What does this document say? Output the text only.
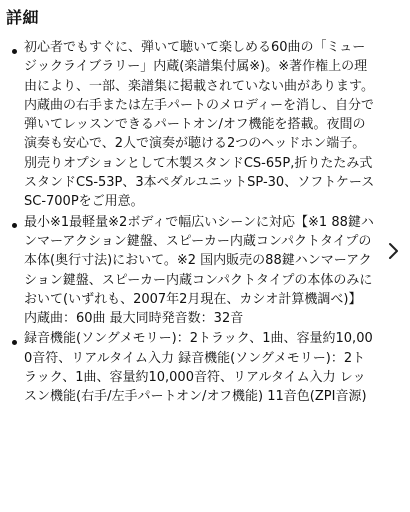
詳細
初心者でもすぐに、弾いて聴いて楽しめる60曲の「ミュージックライブラリー」内蔵(楽譜集付属※)。※著作権上の理由により、一部、楽譜集に掲載されていない曲があります。内蔵曲の右手または左手パートのメロディーを消し、自分で弾いてレッスンできるパートオン/オフ機能を搭載。夜間の演奏も安心で、2人で演奏が聴ける2つのヘッドホン端子。別売りオプションとして木製スタンドCS-65P,折りたたみ式スタンドCS-53P、3本ペダルユニットSP-30、ソフトケースSC-700Pをご用意。
最小※1最軽量※2ボディで幅広いシーンに対応【※1 88鍵ハンマーアクション鍵盤、スピーカー内蔵コンパクトタイプの本体(奥行寸法)において。※2 国内販売の88鍵ハンマーアクション鍵盤、スピーカー内蔵コンパクトタイプの本体のみにおいて(いずれも、2007年2月現在、カシオ計算機調べ)】 内蔵曲：60曲 最大同時発音数：32音
録音機能(ソングメモリー)：2トラック、1曲、容量約10,000音符、リアルタイム入力 録音機能(ソングメモリー)：2トラック、1曲、容量約10,000音符、リアルタイム入力 レッスン機能(右手/左手パートオン/オフ機能) 11音色(ZPI音源)
